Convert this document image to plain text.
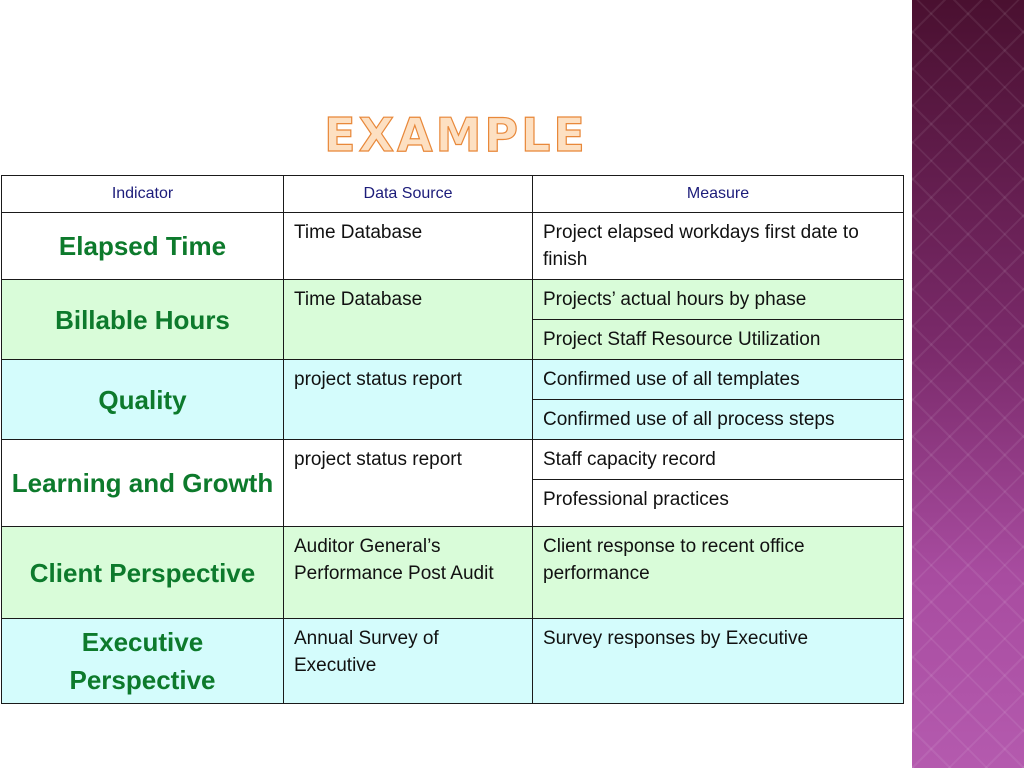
EXAMPLE
Indicator	Data Source	Measure
Elapsed Time	Time Database	Project elapsed workdays first date to finish
Billable Hours	Time Database	Projects’ actual hours by phase
		Project Staff Resource Utilization
Quality	project status report	Confirmed use of all templates
		Confirmed use of all process steps
Learning and Growth	project status report	Staff capacity record
		Professional practices
Client Perspective	Auditor General’s Performance Post Audit	Client response to recent office performance
Executive Perspective	Annual Survey of Executive	Survey responses by Executive
